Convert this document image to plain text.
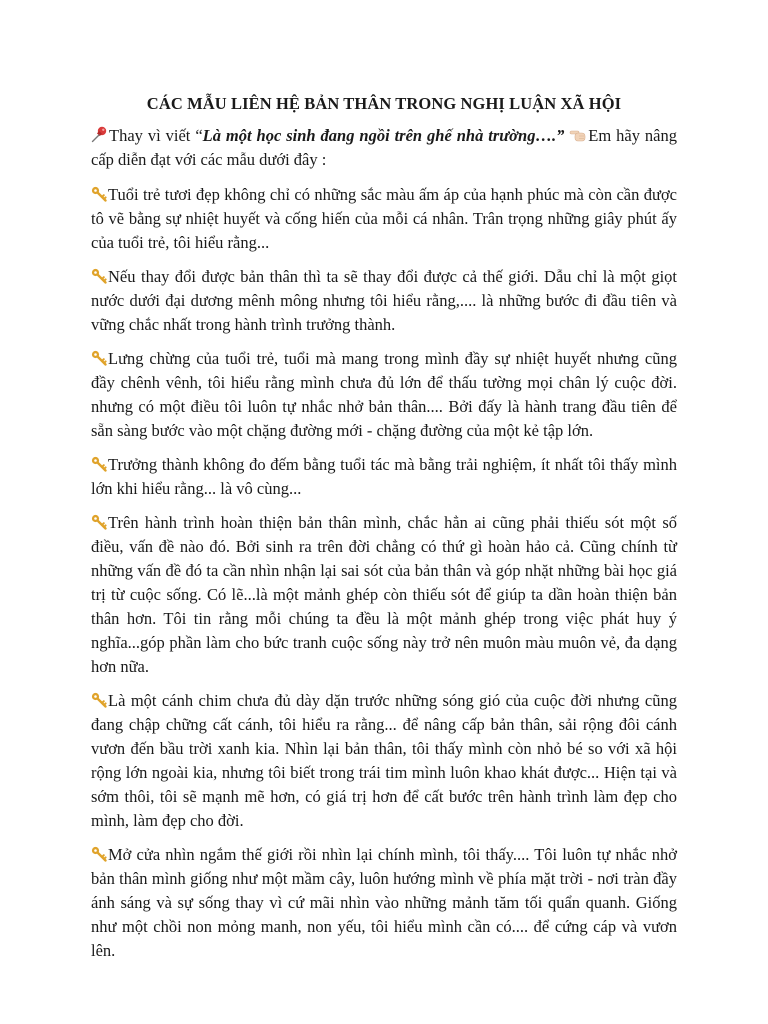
CÁC MẪU LIÊN HỆ BẢN THÂN TRONG NGHỊ LUẬN XÃ HỘI
Thay vì viết “Là một học sinh đang ngồi trên ghế nhà trường….” Em hãy nâng cấp diễn đạt với các mẫu dưới đây :
Tuổi trẻ tươi đẹp không chỉ có những sắc màu ấm áp của hạnh phúc mà còn cần được tô vẽ bằng sự nhiệt huyết và cống hiến của mỗi cá nhân. Trân trọng những giây phút ấy của tuổi trẻ, tôi hiểu rằng...
Nếu thay đổi được bản thân thì ta sẽ thay đổi được cả thế giới. Dẫu chỉ là một giọt nước dưới đại dương mênh mông nhưng tôi hiểu rằng,.... là những bước đi đầu tiên và vững chắc nhất trong hành trình trưởng thành.
Lưng chừng của tuổi trẻ, tuổi mà mang trong mình đầy sự nhiệt huyết nhưng cũng đầy chênh vênh, tôi hiểu rằng mình chưa đủ lớn để thấu tường mọi chân lý cuộc đời. nhưng có một điều tôi luôn tự nhắc nhở bản thân.... Bởi đấy là hành trang đầu tiên để sẵn sàng bước vào một chặng đường mới - chặng đường của một kẻ tập lớn.
Trưởng thành không đo đếm bằng tuổi tác mà bằng trải nghiệm, ít nhất tôi thấy mình lớn khi hiểu rằng... là vô cùng...
Trên hành trình hoàn thiện bản thân mình, chắc hẳn ai cũng phải thiếu sót một số điều, vấn đề nào đó. Bởi sinh ra trên đời chẳng có thứ gì hoàn hảo cả. Cũng chính từ những vấn đề đó ta cần nhìn nhận lại sai sót của bản thân và góp nhặt những bài học giá trị từ cuộc sống. Có lẽ...là một mảnh ghép còn thiếu sót để giúp ta dần hoàn thiện bản thân hơn. Tôi tin rằng mỗi chúng ta đều là một mảnh ghép trong việc phát huy ý nghĩa...góp phần làm cho bức tranh cuộc sống này trở nên muôn màu muôn vẻ, đa dạng hơn nữa.
Là một cánh chim chưa đủ dày dặn trước những sóng gió của cuộc đời nhưng cũng đang chập chững cất cánh, tôi hiểu ra rằng... để nâng cấp bản thân, sải rộng đôi cánh vươn đến bầu trời xanh kia. Nhìn lại bản thân, tôi thấy mình còn nhỏ bé so với xã hội rộng lớn ngoài kia, nhưng tôi biết trong trái tim mình luôn khao khát được... Hiện tại và sớm thôi, tôi sẽ mạnh mẽ hơn, có giá trị hơn để cất bước trên hành trình làm đẹp cho mình, làm đẹp cho đời.
Mở cửa nhìn ngắm thế giới rồi nhìn lại chính mình, tôi thấy.... Tôi luôn tự nhắc nhở bản thân mình giống như một mầm cây, luôn hướng mình về phía mặt trời - nơi tràn đầy ánh sáng và sự sống thay vì cứ mãi nhìn vào những mảnh tăm tối quẩn quanh. Giống như một chồi non mỏng manh, non yếu, tôi hiểu mình cần có.... để cứng cáp và vươn lên.
